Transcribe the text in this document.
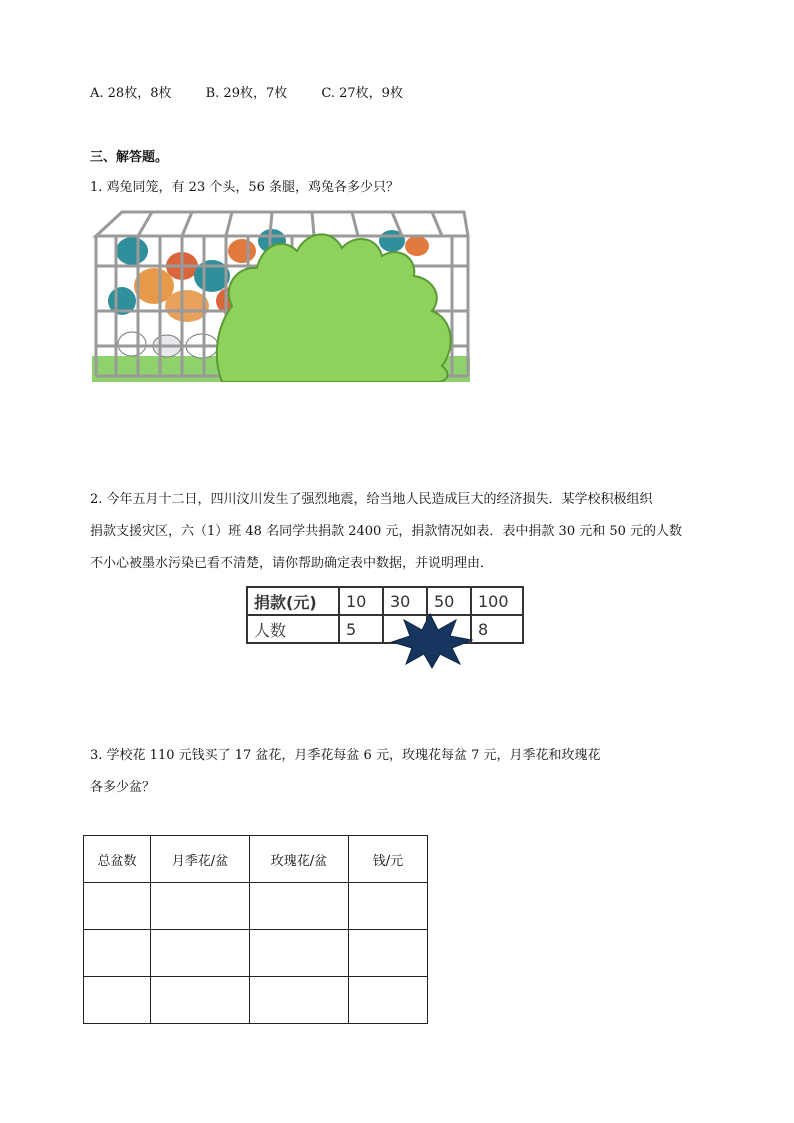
A. 28枚，8枚	B. 29枚，7枚	C. 27枚，9枚
三、解答题。
1. 鸡兔同笼，有 23 个头，56 条腿，鸡兔各多少只？
2. 今年五月十二日，四川汶川发生了强烈地震，给当地人民造成巨大的经济损失．某学校积极组织
捐款支援灾区，六（1）班 48 名同学共捐款 2400 元，捐款情况如表．表中捐款 30 元和 50 元的人数
不小心被墨水污染已看不清楚，请你帮助确定表中数据，并说明理由．
捐款(元)	10	30	50	100
人数	5			8
3. 学校花 110 元钱买了 17 盆花，月季花每盆 6 元，玫瑰花每盆 7 元，月季花和玫瑰花
各多少盆？
总盆数	月季花/盆	玫瑰花/盆	钱/元
